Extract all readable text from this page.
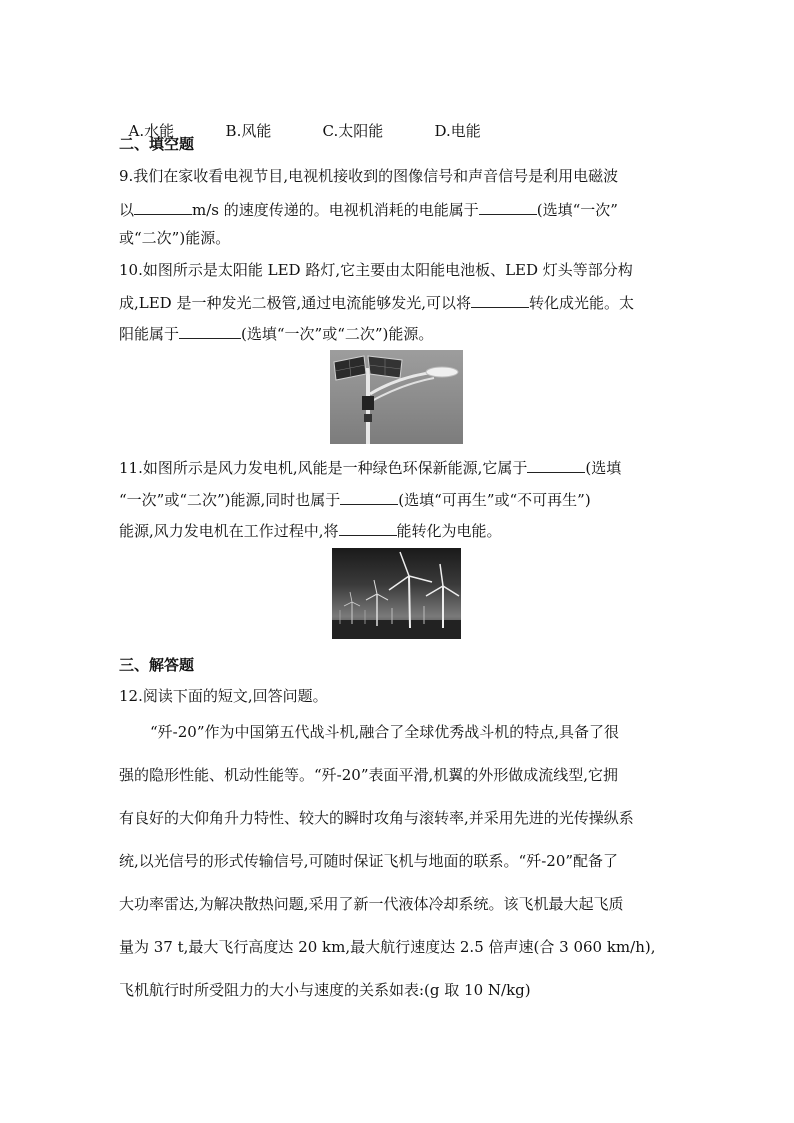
A.水能	B.风能	C.太阳能	D.电能

二、填空题
9.我们在家收看电视节目,电视机接收到的图像信号和声音信号是利用电磁波
以	m/s 的速度传递的。电视机消耗的电能属于	(选填“一次”
或“二次”)能源。
10.如图所示是太阳能 LED 路灯,它主要由太阳能电池板、LED 灯头等部分构
成,LED 是一种发光二极管,通过电流能够发光,可以将	转化成光能。太
阳能属于	(选填“一次”或“二次”)能源。
11.如图所示是风力发电机,风能是一种绿色环保新能源,它属于	(选填
“一次”或“二次”)能源,同时也属于	(选填“可再生”或“不可再生”)
能源,风力发电机在工作过程中,将	能转化为电能。
三、解答题
12.阅读下面的短文,回答问题。
“歼-20”作为中国第五代战斗机,融合了全球优秀战斗机的特点,具备了很
强的隐形性能、机动性能等。“歼-20”表面平滑,机翼的外形做成流线型,它拥
有良好的大仰角升力特性、较大的瞬时攻角与滚转率,并采用先进的光传操纵系
统,以光信号的形式传输信号,可随时保证飞机与地面的联系。“歼-20”配备了
大功率雷达,为解决散热问题,采用了新一代液体冷却系统。该飞机最大起飞质
量为 37 t,最大飞行高度达 20 km,最大航行速度达 2.5 倍声速(合 3 060 km/h),
飞机航行时所受阻力的大小与速度的关系如表:(g 取 10 N/kg)
